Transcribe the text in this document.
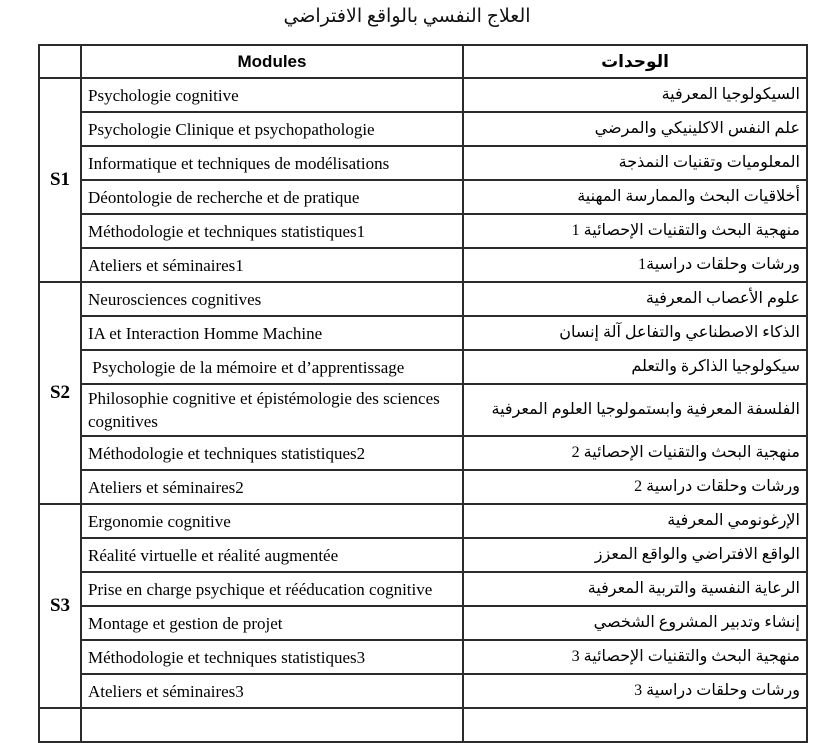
العلاج النفسي بالواقع الافتراضي
	Modules	الوحدات
S1	Psychologie cognitive	السيكولوجيا المعرفية
	Psychologie Clinique et psychopathologie	علم النفس الاكلينيكي والمرضي
	Informatique et techniques de modélisations	المعلوميات وتقنيات النمذجة
	Déontologie de recherche et de pratique	أخلاقيات البحث والممارسة المهنية
	Méthodologie et techniques statistiques1	منهجية البحث والتقنيات الإحصائية 1
	Ateliers et séminaires1	ورشات وحلقات دراسية1
S2	Neurosciences cognitives	علوم الأعصاب المعرفية
	IA et Interaction Homme Machine	الذكاء الاصطناعي والتفاعل آلة إنسان
	Psychologie de la mémoire et d’apprentissage	سيكولوجيا الذاكرة والتعلم
	Philosophie cognitive et épistémologie des sciences cognitives	الفلسفة المعرفية وابستمولوجيا العلوم المعرفية
	Méthodologie et techniques statistiques2	منهجية البحث والتقنيات الإحصائية 2
	Ateliers et séminaires2	ورشات وحلقات دراسية 2
S3	Ergonomie cognitive	الإرغونومي المعرفية
	Réalité virtuelle et réalité augmentée	الواقع الافتراضي والواقع المعزز
	Prise en charge psychique et rééducation cognitive	الرعاية النفسية والتربية المعرفية
	Montage et gestion de projet	إنشاء وتدبير المشروع الشخصي
	Méthodologie et techniques statistiques3	منهجية البحث والتقنيات الإحصائية 3
	Ateliers et séminaires3	ورشات وحلقات دراسية 3
